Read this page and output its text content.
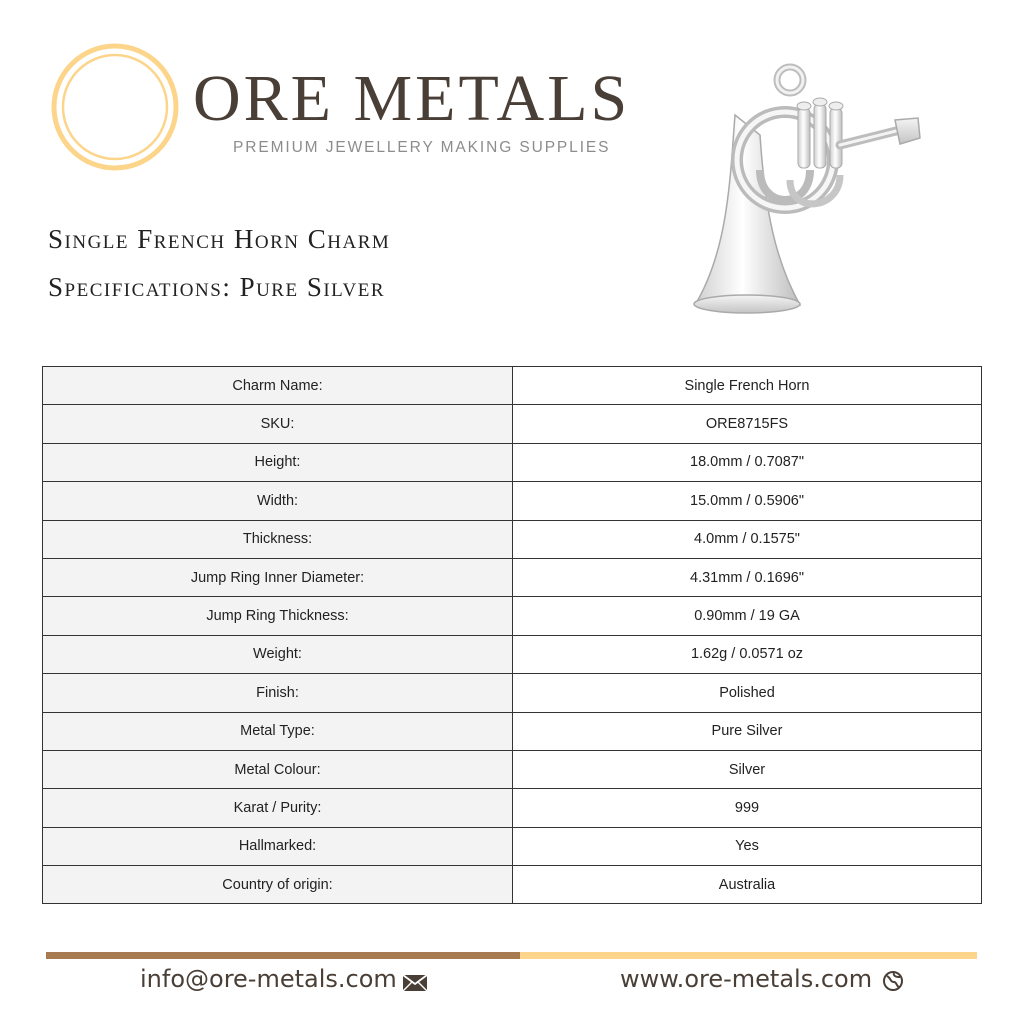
ORE METALS
PREMIUM JEWELLERY MAKING SUPPLIES
Single French Horn Charm
Specifications: Pure Silver
Charm Name:	Single French Horn
SKU:	ORE8715FS
Height:	18.0mm / 0.7087"
Width:	15.0mm / 0.5906"
Thickness:	4.0mm / 0.1575"
Jump Ring Inner Diameter:	4.31mm / 0.1696"
Jump Ring Thickness:	0.90mm / 19 GA
Weight:	1.62g / 0.0571 oz
Finish:	Polished
Metal Type:	Pure Silver
Metal Colour:	Silver
Karat / Purity:	999
Hallmarked:	Yes
Country of origin:	Australia
info@ore-metals.com	www.ore-metals.com
